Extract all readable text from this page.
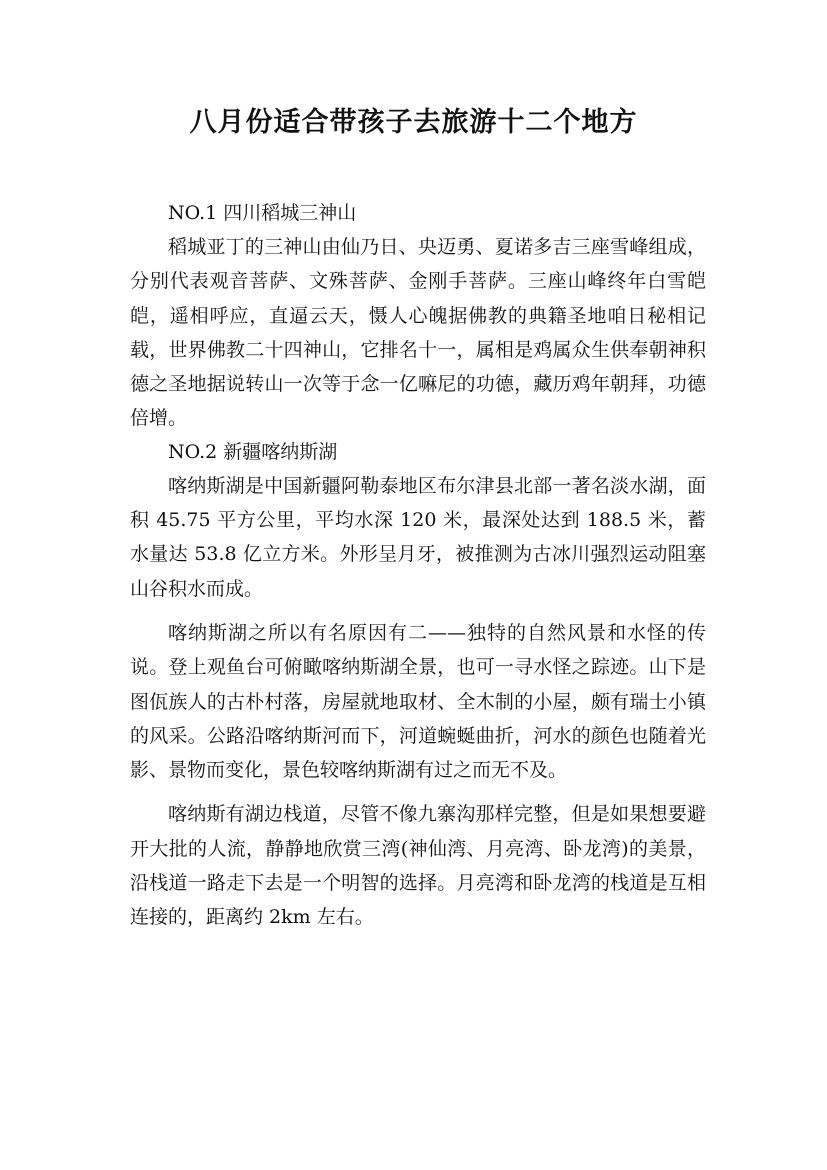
八月份适合带孩子去旅游十二个地方

NO.1 四川稻城三神山

稻城亚丁的三神山由仙乃日、央迈勇、夏诺多吉三座雪峰组成，分别代表观音菩萨、文殊菩萨、金刚手菩萨。三座山峰终年白雪皑皑，遥相呼应，直逼云天，慑人心魄据佛教的典籍圣地咱日秘相记载，世界佛教二十四神山，它排名十一，属相是鸡属众生供奉朝神积德之圣地据说转山一次等于念一亿嘛尼的功德，藏历鸡年朝拜，功德倍增。

NO.2 新疆喀纳斯湖

喀纳斯湖是中国新疆阿勒泰地区布尔津县北部一著名淡水湖，面积 45.75 平方公里，平均水深 120 米，最深处达到 188.5 米，蓄水量达 53.8 亿立方米。外形呈月牙，被推测为古冰川强烈运动阻塞山谷积水而成。

喀纳斯湖之所以有名原因有二——独特的自然风景和水怪的传说。登上观鱼台可俯瞰喀纳斯湖全景，也可一寻水怪之踪迹。山下是图佤族人的古朴村落，房屋就地取材、全木制的小屋，颇有瑞士小镇的风采。公路沿喀纳斯河而下，河道蜿蜒曲折，河水的颜色也随着光影、景物而变化，景色较喀纳斯湖有过之而无不及。

喀纳斯有湖边栈道，尽管不像九寨沟那样完整，但是如果想要避开大批的人流，静静地欣赏三湾(神仙湾、月亮湾、卧龙湾)的美景，沿栈道一路走下去是一个明智的选择。月亮湾和卧龙湾的栈道是互相连接的，距离约 2km 左右。
